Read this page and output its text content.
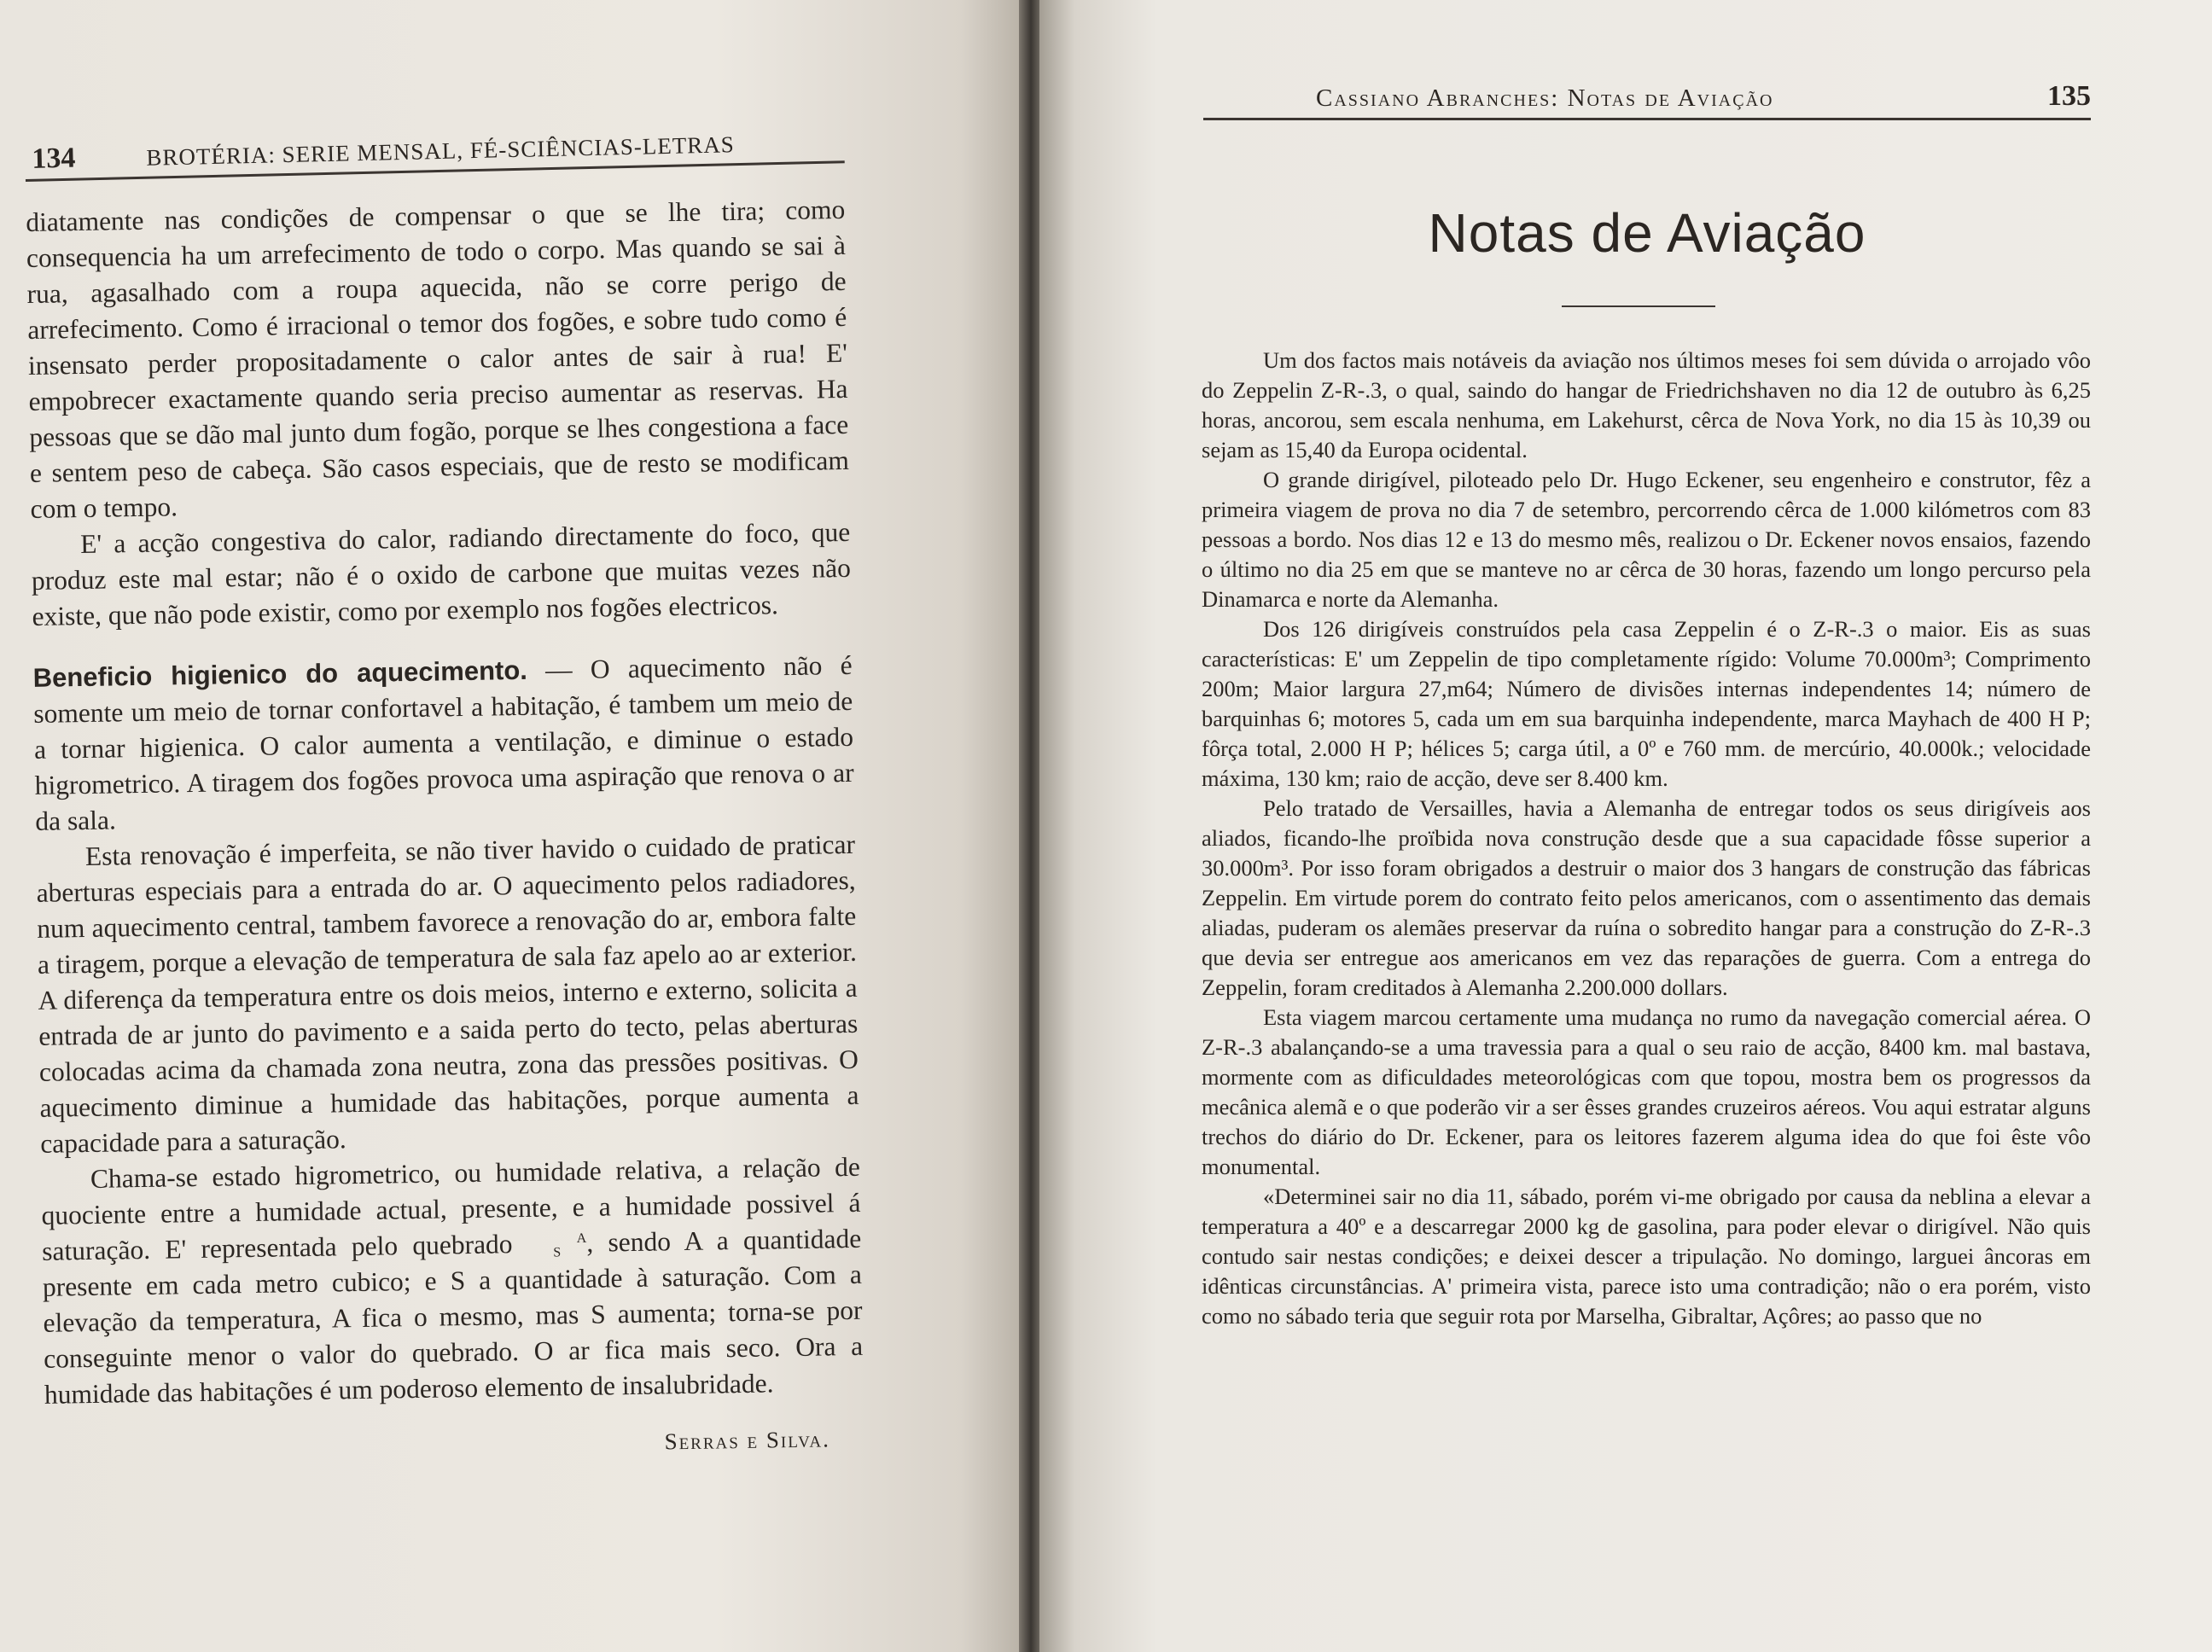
134	BROTÉRIA: SERIE MENSAL, FÉ-SCIÊNCIAS-LETRAS

diatamente nas condições de compensar o que se lhe tira; como consequencia ha um arrefecimento de todo o corpo. Mas quando se sai à rua, agasalhado com a roupa aquecida, não se corre perigo de arrefecimento. Como é irracional o temor dos fogões, e sobre tudo como é insensato perder propositadamente o calor antes de sair à rua! E' empobrecer exactamente quando seria preciso aumentar as reservas. Ha pessoas que se dão mal junto dum fogão, porque se lhes congestiona a face e sentem peso de cabeça. São casos especiais, que de resto se modificam com o tempo.

E' a acção congestiva do calor, radiando directamente do foco, que produz este mal estar; não é o oxido de carbone que muitas vezes não existe, que não pode existir, como por exemplo nos fogões electricos.

Beneficio higienico do aquecimento. — O aquecimento não é somente um meio de tornar confortavel a habitação, é tambem um meio de a tornar higienica. O calor aumenta a ventilação, e diminue o estado higrometrico. A tiragem dos fogões provoca uma aspiração que renova o ar da sala.

Esta renovação é imperfeita, se não tiver havido o cuidado de praticar aberturas especiais para a entrada do ar. O aquecimento pelos radiadores, num aquecimento central, tambem favorece a renovação do ar, embora falte a tiragem, porque a elevação de temperatura de sala faz apelo ao ar exterior. A diferença da temperatura entre os dois meios, interno e externo, solicita a entrada de ar junto do pavimento e a saida perto do tecto, pelas aberturas colocadas acima da chamada zona neutra, zona das pressões positivas. O aquecimento diminue a humidade das habitações, porque aumenta a capacidade para a saturação.

Chama-se estado higrometrico, ou humidade relativa, a relação de quociente entre a humidade actual, presente, e a humidade possivel á saturação. E' representada pelo quebrado	A
S , sendo A a quantidade presente em cada metro cubico; e S a quantidade à saturação. Com a elevação da temperatura, A fica o mesmo, mas S aumenta; torna-se por conseguinte menor o valor do quebrado. O ar fica mais seco. Ora a humidade das habitações é um poderoso elemento de insalubridade.

Serras e Silva.
Cassiano Abranches: Notas de Aviação	135
Notas de Aviação

Um dos factos mais notáveis da aviação nos últimos meses foi sem dúvida o arrojado vôo do Zeppelin Z-R-.3, o qual, saindo do hangar de Friedrichshaven no dia 12 de outubro às 6,25 horas, ancorou, sem escala nenhuma, em Lakehurst, cêrca de Nova York, no dia 15 às 10,39 ou sejam as 15,40 da Europa ocidental.

O grande dirigível, piloteado pelo Dr. Hugo Eckener, seu engenheiro e construtor, fêz a primeira viagem de prova no dia 7 de setembro, percorrendo cêrca de 1.000 kilómetros com 83 pessoas a bordo. Nos dias 12 e 13 do mesmo mês, realizou o Dr. Eckener novos ensaios, fazendo o último no dia 25 em que se manteve no ar cêrca de 30 horas, fazendo um longo percurso pela Dinamarca e norte da Alemanha.

Dos 126 dirigíveis construídos pela casa Zeppelin é o Z-R-.3 o maior. Eis as suas características: E' um Zeppelin de tipo completamente rígido: Volume 70.000m³; Comprimento 200m; Maior largura 27,m64; Número de divisões internas independentes 14; número de barquinhas 6; motores 5, cada um em sua barquinha independente, marca Mayhach de 400 H P; fôrça total, 2.000 H P; hélices 5; carga útil, a 0º e 760 mm. de mercúrio, 40.000k.; velocidade máxima, 130 km; raio de acção, deve ser 8.400 km.

Pelo tratado de Versailles, havia a Alemanha de entregar todos os seus dirigíveis aos aliados, ficando-lhe proïbida nova construção desde que a sua capacidade fôsse superior a 30.000m³. Por isso foram obrigados a destruir o maior dos 3 hangars de construção das fábricas Zeppelin. Em virtude porem do contrato feito pelos americanos, com o assentimento das demais aliadas, puderam os alemães preservar da ruína o sobredito hangar para a construção do Z-R-.3 que devia ser entregue aos americanos em vez das reparações de guerra. Com a entrega do Zeppelin, foram creditados à Alemanha 2.200.000 dollars.

Esta viagem marcou certamente uma mudança no rumo da navegação comercial aérea. O Z-R-.3 abalançando-se a uma travessia para a qual o seu raio de acção, 8400 km. mal bastava, mormente com as dificuldades meteorológicas com que topou, mostra bem os progressos da mecânica alemã e o que poderão vir a ser êsses grandes cruzeiros aéreos. Vou aqui estratar alguns trechos do diário do Dr. Eckener, para os leitores fazerem alguma idea do que foi êste vôo monumental.

«Determinei sair no dia 11, sábado, porém vi-me obrigado por causa da neblina a elevar a temperatura a 40º e a descarregar 2000 kg de gasolina, para poder elevar o dirigível. Não quis contudo sair nestas condições; e deixei descer a tripulação. No domingo, larguei âncoras em idênticas circunstâncias. A' primeira vista, parece isto uma contradição; não o era porém, visto como no sábado teria que seguir rota por Marselha, Gibraltar, Açôres; ao passo que no
